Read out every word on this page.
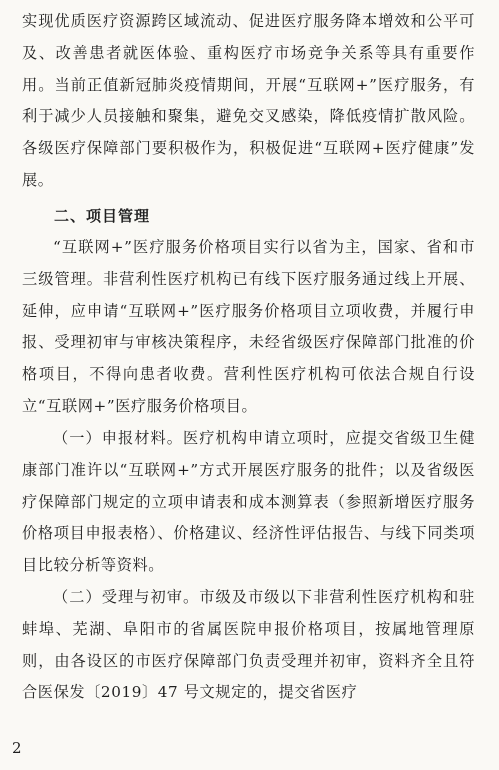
实现优质医疗资源跨区域流动、促进医疗服务降本增效和公平可及、改善患者就医体验、重构医疗市场竞争关系等具有重要作用。当前正值新冠肺炎疫情期间，开展“互联网+”医疗服务，有利于减少人员接触和聚集，避免交叉感染，降低疫情扩散风险。各级医疗保障部门要积极作为，积极促进“互联网+医疗健康”发展。
二、项目管理
“互联网+”医疗服务价格项目实行以省为主，国家、省和市三级管理。非营利性医疗机构已有线下医疗服务通过线上开展、延伸，应申请“互联网+”医疗服务价格项目立项收费，并履行申报、受理初审与审核决策程序，未经省级医疗保障部门批准的价格项目，不得向患者收费。营利性医疗机构可依法合规自行设立“互联网+”医疗服务价格项目。
（一）申报材料。医疗机构申请立项时，应提交省级卫生健康部门准许以“互联网+”方式开展医疗服务的批件；以及省级医疗保障部门规定的立项申请表和成本测算表（参照新增医疗服务价格项目申报表格）、价格建议、经济性评估报告、与线下同类项目比较分析等资料。
（二）受理与初审。市级及市级以下非营利性医疗机构和驻蚌埠、芜湖、阜阳市的省属医院申报价格项目，按属地管理原则，由各设区的市医疗保障部门负责受理并初审，资料齐全且符合医保发〔2019〕47 号文规定的，提交省医疗
2
